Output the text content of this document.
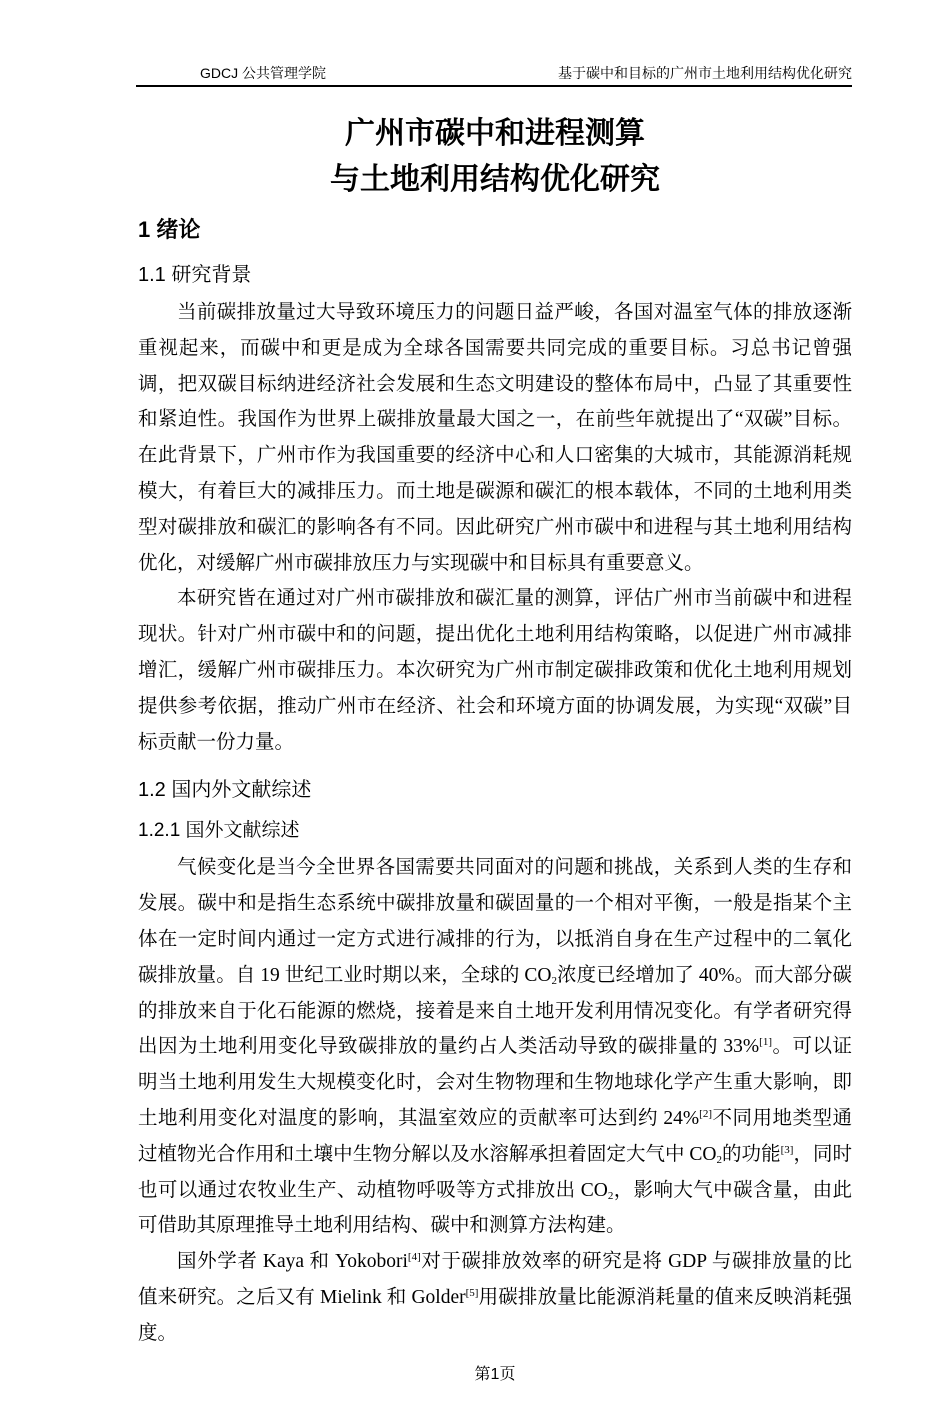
GDCJ 公共管理学院	基于碳中和目标的广州市土地利用结构优化研究
广州市碳中和进程测算
与土地利用结构优化研究
1 绪论
1.1 研究背景

当前碳排放量过大导致环境压力的问题日益严峻，各国对温室气体的排放逐渐重视起来，而碳中和更是成为全球各国需要共同完成的重要目标。习总书记曾强调，把双碳目标纳进经济社会发展和生态文明建设的整体布局中，凸显了其重要性和紧迫性。我国作为世界上碳排放量最大国之一，在前些年就提出了“双碳”目标。在此背景下，广州市作为我国重要的经济中心和人口密集的大城市，其能源消耗规模大，有着巨大的减排压力。而土地是碳源和碳汇的根本载体，不同的土地利用类型对碳排放和碳汇的影响各有不同。因此研究广州市碳中和进程与其土地利用结构优化，对缓解广州市碳排放压力与实现碳中和目标具有重要意义。

本研究皆在通过对广州市碳排放和碳汇量的测算，评估广州市当前碳中和进程现状。针对广州市碳中和的问题，提出优化土地利用结构策略，以促进广州市减排增汇，缓解广州市碳排压力。本次研究为广州市制定碳排政策和优化土地利用规划提供参考依据，推动广州市在经济、社会和环境方面的协调发展，为实现“双碳”目标贡献一份力量。

1.2 国内外文献综述
1.2.1 国外文献综述

气候变化是当今全世界各国需要共同面对的问题和挑战，关系到人类的生存和发展。碳中和是指生态系统中碳排放量和碳固量的一个相对平衡，一般是指某个主体在一定时间内通过一定方式进行减排的行为，以抵消自身在生产过程中的二氧化碳排放量。自 19 世纪工业时期以来，全球的 $CO_2$浓度已经增加了 40%。而大部分碳的排放来自于化石能源的燃烧，接着是来自土地开发利用情况变化。有学者研究得出因为土地利用变化导致碳排放的量约占人类活动导致的碳排量的 33%[1]。可以证明当土地利用发生大规模变化时，会对生物物理和生物地球化学产生重大影响，即土地利用变化对温度的影响，其温室效应的贡献率可达到约 24%[2]不同用地类型通过植物光合作用和土壤中生物分解以及水溶解承担着固定大气中 $CO_2$的功能[3]，同时也可以通过农牧业生产、动植物呼吸等方式排放出 $CO_2$，影响大气中碳含量，由此可借助其原理推导土地利用结构、碳中和测算方法构建。

国外学者 Kaya 和 Yokobori[4]对于碳排放效率的研究是将 GDP 与碳排放量的比值来研究。之后又有 Mielink 和 Golder[5]用碳排放量比能源消耗量的值来反映消耗强度。

第1页
